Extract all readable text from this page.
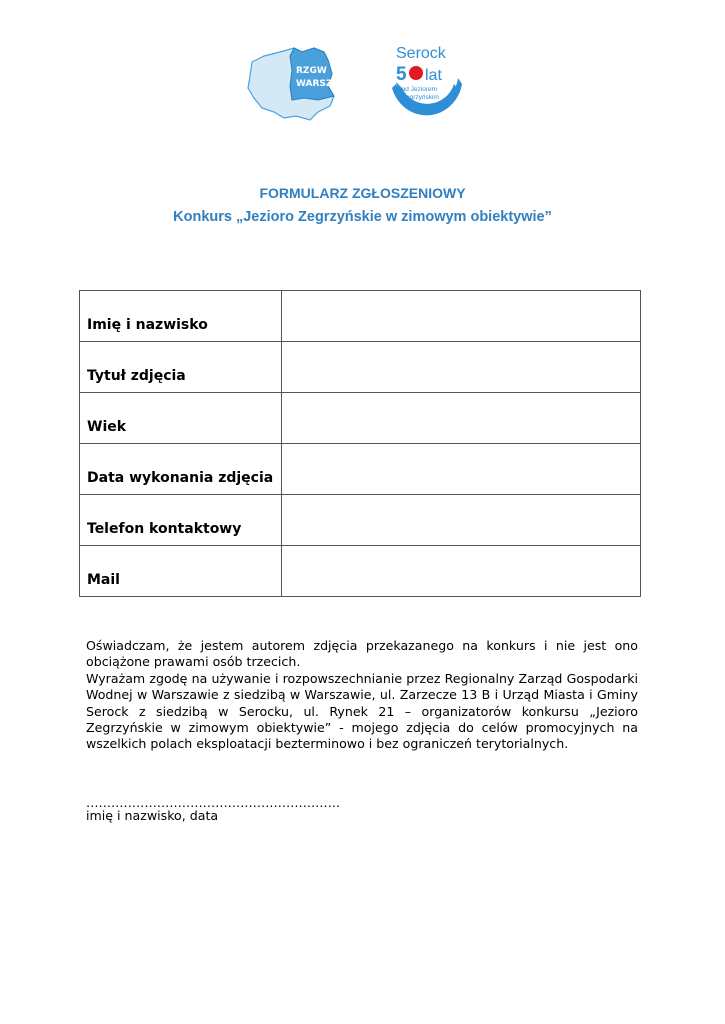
RZGW
WARSZAWA
Serock
5 lat
nad Jeziorem
Zegrzyńskim
FORMULARZ ZGŁOSZENIOWY
Konkurs „Jezioro Zegrzyńskie w zimowym obiektywie”
Imię i nazwisko	
Tytuł zdjęcia	
Wiek	
Data wykonania zdjęcia	
Telefon kontaktowy	
Mail	

Oświadczam, że jestem autorem zdjęcia przekazanego na konkurs i nie jest ono obciążone prawami osób trzecich.

Wyrażam zgodę na używanie i rozpowszechnianie przez Regionalny Zarząd Gospodarki Wodnej w Warszawie z siedzibą w Warszawie, ul. Zarzecze 13 B i Urząd Miasta i Gminy Serock z siedzibą w Serocku, ul. Rynek 21 – organizatorów konkursu „Jezioro Zegrzyńskie w zimowym obiektywie” - mojego zdjęcia do celów promocyjnych na wszelkich polach eksploatacji bezterminowo i bez ograniczeń terytorialnych.

…………………………………………………….
imię i nazwisko, data
